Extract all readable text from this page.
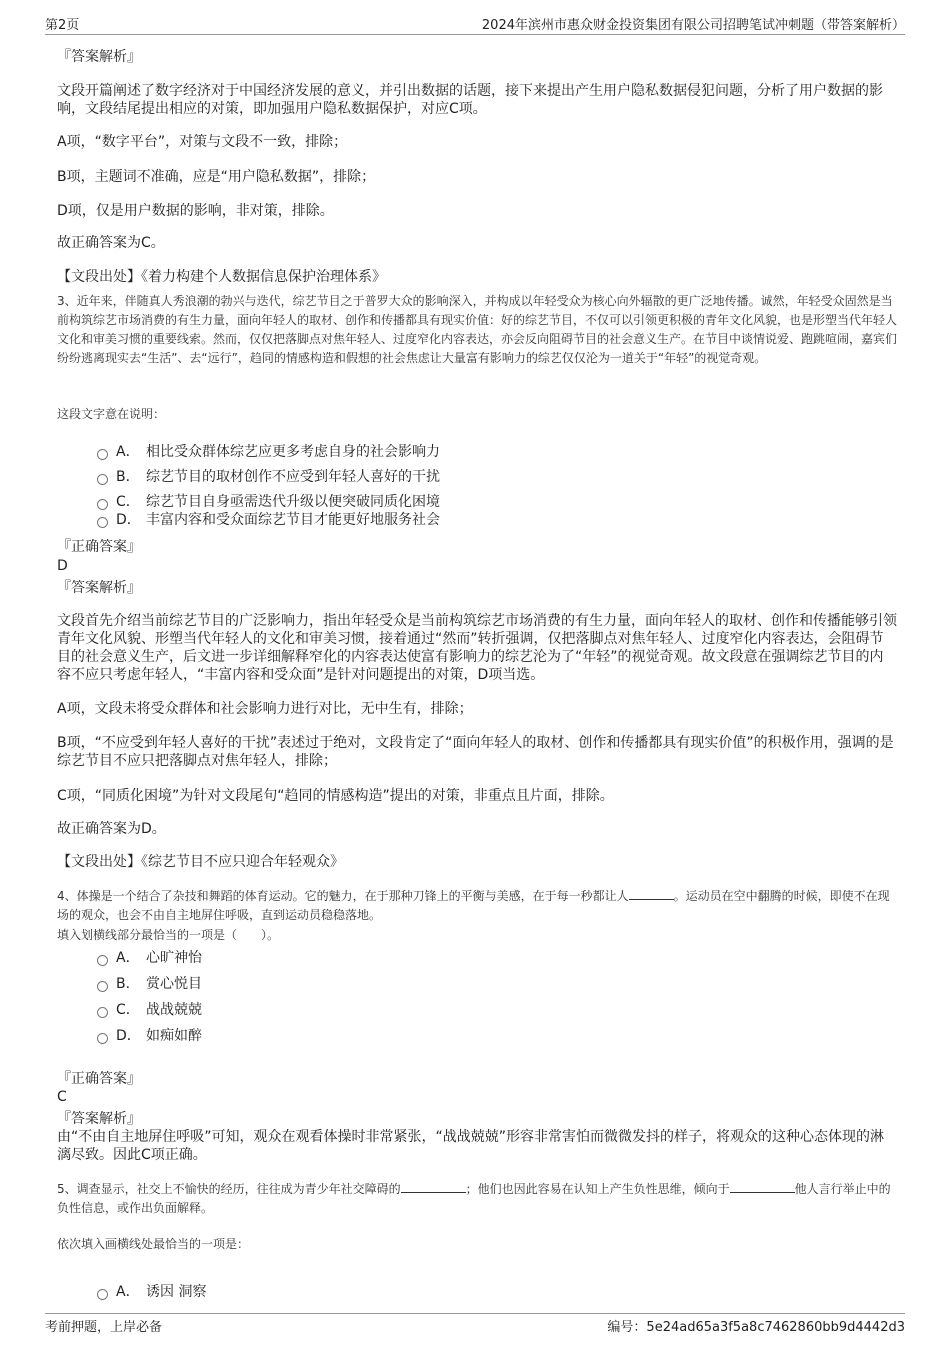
第2页	2024年滨州市惠众财金投资集团有限公司招聘笔试冲刺题（带答案解析）
『答案解析』
文段开篇阐述了数字经济对于中国经济发展的意义，并引出数据的话题，接下来提出产生用户隐私数据侵犯问题，分析了用户数据的影响，文段结尾提出相应的对策，即加强用户隐私数据保护，对应C项。
A项，“数字平台”，对策与文段不一致，排除；
B项，主题词不准确，应是“用户隐私数据”，排除；
D项，仅是用户数据的影响，非对策，排除。
故正确答案为C。
【文段出处】《着力构建个人数据信息保护治理体系》
3、近年来，伴随真人秀浪潮的勃兴与迭代，综艺节目之于普罗大众的影响深入，并构成以年轻受众为核心向外辐散的更广泛地传播。诚然，年轻受众固然是当前构筑综艺市场消费的有生力量，面向年轻人的取材、创作和传播都具有现实价值：好的综艺节目，不仅可以引领更积极的青年文化风貌，也是形塑当代年轻人文化和审美习惯的重要线索。然而，仅仅把落脚点对焦年轻人、过度窄化内容表达，亦会反向阻碍节目的社会意义生产。在节目中谈情说爱、跑跳喧闹，嘉宾们纷纷逃离现实去“生活”、去“远行”，趋同的情感构造和假想的社会焦虑让大量富有影响力的综艺仅仅沦为一道关于“年轻”的视觉奇观。
这段文字意在说明：
A． 相比受众群体综艺应更多考虑自身的社会影响力
B． 综艺节目的取材创作不应受到年轻人喜好的干扰
C． 综艺节目自身亟需迭代升级以便突破同质化困境
D． 丰富内容和受众面综艺节目才能更好地服务社会
『正确答案』
D
『答案解析』
文段首先介绍当前综艺节目的广泛影响力，指出年轻受众是当前构筑综艺市场消费的有生力量，面向年轻人的取材、创作和传播能够引领青年文化风貌、形塑当代年轻人的文化和审美习惯，接着通过“然而”转折强调，仅把落脚点对焦年轻人、过度窄化内容表达，会阻碍节目的社会意义生产，后文进一步详细解释窄化的内容表达使富有影响力的综艺沦为了“年轻”的视觉奇观。故文段意在强调综艺节目的内容不应只考虑年轻人，“丰富内容和受众面”是针对问题提出的对策，D项当选。
A项，文段未将受众群体和社会影响力进行对比，无中生有，排除；
B项，“不应受到年轻人喜好的干扰”表述过于绝对，文段肯定了“面向年轻人的取材、创作和传播都具有现实价值”的积极作用，强调的是综艺节目不应只把落脚点对焦年轻人，排除；
C项，“同质化困境”为针对文段尾句“趋同的情感构造”提出的对策，非重点且片面，排除。
故正确答案为D。
【文段出处】《综艺节目不应只迎合年轻观众》
4、体操是一个结合了杂技和舞蹈的体育运动。它的魅力，在于那种刀锋上的平衡与美感，在于每一秒都让人	。运动员在空中翻腾的时候，即使不在现场的观众，也会不由自主地屏住呼吸，直到运动员稳稳落地。
填入划横线部分最恰当的一项是（　　）。
A． 心旷神怡
B． 赏心悦目
C． 战战兢兢
D． 如痴如醉
『正确答案』
C
『答案解析』
由“不由自主地屏住呼吸”可知，观众在观看体操时非常紧张，“战战兢兢”形容非常害怕而微微发抖的样子，将观众的这种心态体现的淋漓尽致。因此C项正确。
5、调查显示，社交上不愉快的经历，往往成为青少年社交障碍的	；他们也因此容易在认知上产生负性思维，倾向于	他人言行举止中的负性信息，或作出负面解释。
依次填入画横线处最恰当的一项是：
A． 诱因 洞察
考前押题，上岸必备	编号：5e24ad65a3f5a8c7462860bb9d4442d3
